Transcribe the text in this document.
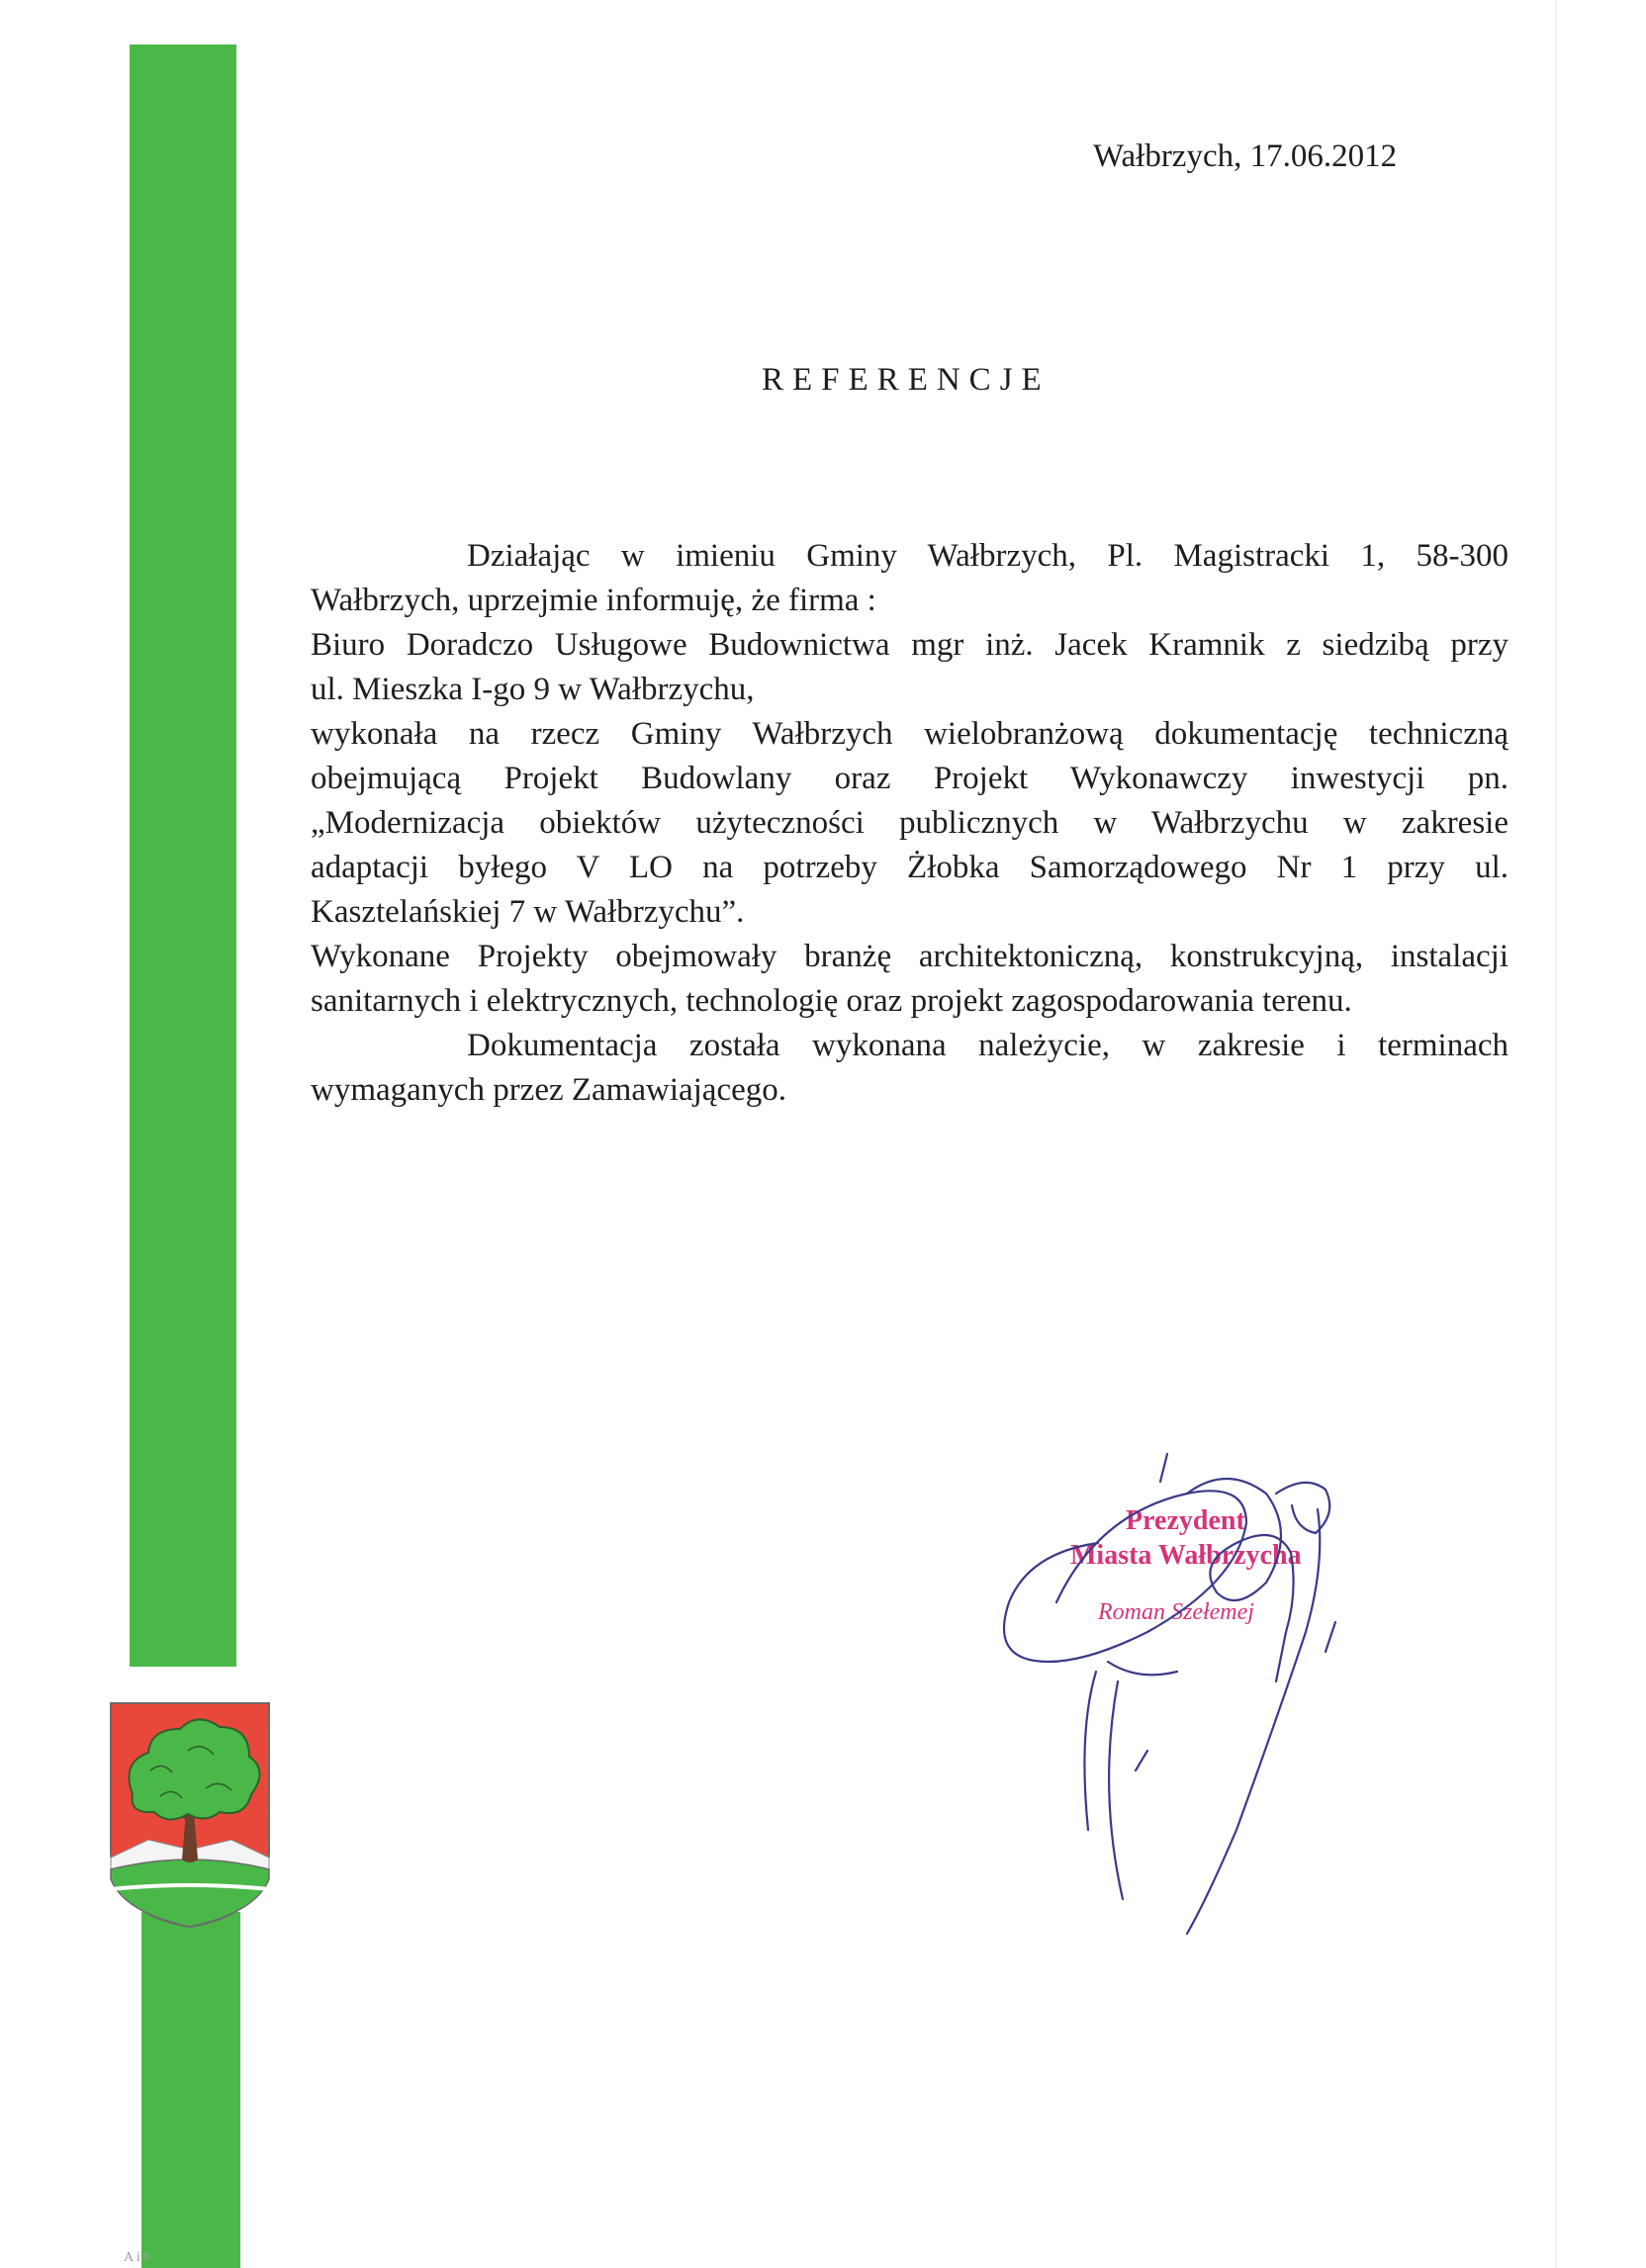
Wałbrzych, 17.06.2012
REFERENCJE
Działając w imieniu Gminy Wałbrzych, Pl. Magistracki 1, 58-300
Wałbrzych, uprzejmie informuję, że firma :
Biuro Doradczo Usługowe Budownictwa mgr inż. Jacek Kramnik z siedzibą przy
ul. Mieszka I-go 9 w Wałbrzychu,
wykonała na rzecz Gminy Wałbrzych wielobranżową dokumentację techniczną
obejmującą Projekt Budowlany oraz Projekt Wykonawczy inwestycji pn.
„Modernizacja obiektów użyteczności publicznych w Wałbrzychu w zakresie
adaptacji byłego V LO na potrzeby Żłobka Samorządowego Nr 1 przy ul.
Kasztelańskiej 7 w Wałbrzychu”.
Wykonane Projekty obejmowały branżę architektoniczną, konstrukcyjną, instalacji
sanitarnych i elektrycznych, technologię oraz projekt zagospodarowania terenu.
Dokumentacja została wykonana należycie, w zakresie i terminach
wymaganych przez Zamawiającego.
Prezydent
Miasta Wałbrzycha
Roman Szełemej
A i b
